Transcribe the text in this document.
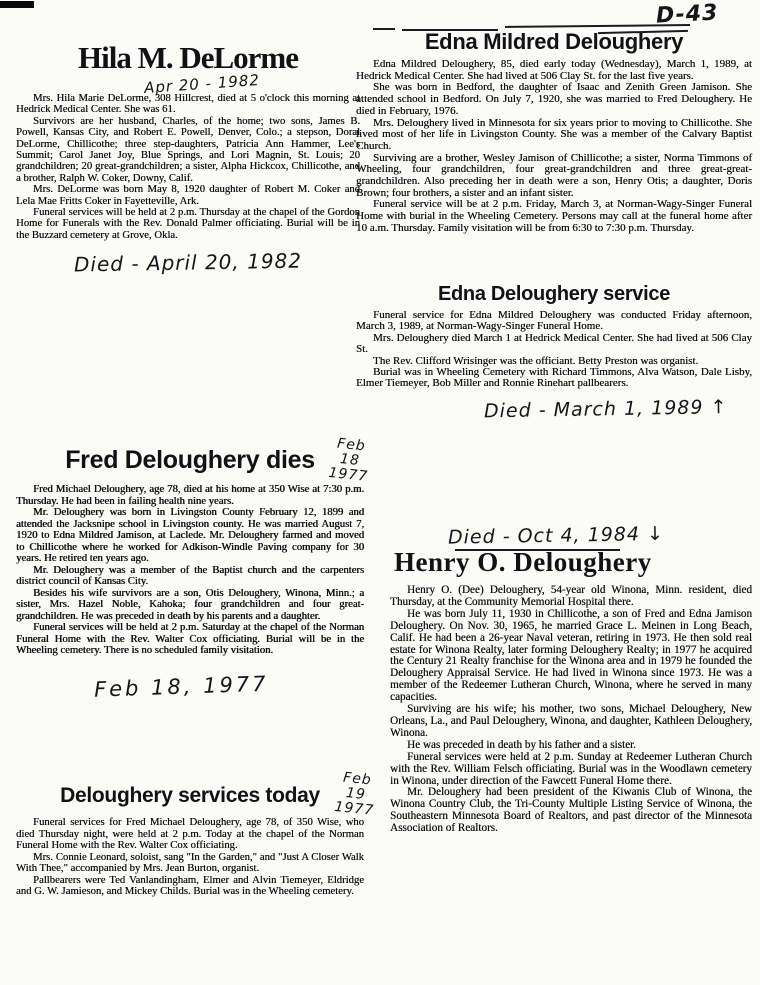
D-43
Hila M. DeLorme
Apr 20 - 1982

Mrs. Hila Marie DeLorme, 308 Hillcrest, died at 5 o'clock this morning at Hedrick Medical Center. She was 61.

Survivors are her husband, Charles, of the home; two sons, James B. Powell, Kansas City, and Robert E. Powell, Denver, Colo.; a stepson, Doral DeLorme, Chillicothe; three step-daughters, Patricia Ann Hammer, Lee's Summit; Carol Janet Joy, Blue Springs, and Lori Magnin, St. Louis; 20 grandchildren; 20 great-grandchildren; a sister, Alpha Hickcox, Chillicothe, and a brother, Ralph W. Coker, Downy, Calif.

Mrs. DeLorme was born May 8, 1920 daughter of Robert M. Coker and Lela Mae Fritts Coker in Fayetteville, Ark.

Funeral services will be held at 2 p.m. Thursday at the chapel of the Gordon Home for Funerals with the Rev. Donald Palmer officiating. Burial will be in the Buzzard cemetery at Grove, Okla.

Died - April 20, 1982
Edna Mildred Deloughery

Edna Mildred Deloughery, 85, died early today (Wednesday), March 1, 1989, at Hedrick Medical Center. She had lived at 506 Clay St. for the last five years.

She was born in Bedford, the daughter of Isaac and Zenith Green Jamison. She attended school in Bedford. On July 7, 1920, she was married to Fred Deloughery. He died in February, 1976.

Mrs. Deloughery lived in Minnesota for six years prior to moving to Chillicothe. She lived most of her life in Livingston County. She was a member of the Calvary Baptist Church.

Surviving are a brother, Wesley Jamison of Chillicothe; a sister, Norma Timmons of Wheeling, four grandchildren, four great-grandchildren and three great-great-grandchildren. Also preceding her in death were a son, Henry Otis; a daughter, Doris Brown; four brothers, a sister and an infant sister.

Funeral service will be at 2 p.m. Friday, March 3, at Norman-Wagy-Singer Funeral Home with burial in the Wheeling Cemetery. Persons may call at the funeral home after 10 a.m. Thursday. Family visitation will be from 6:30 to 7:30 p.m. Thursday.

Edna Deloughery service

Funeral service for Edna Mildred Deloughery was conducted Friday afternoon, March 3, 1989, at Norman-Wagy-Singer Funeral Home.

Mrs. Deloughery died March 1 at Hedrick Medical Center. She had lived at 506 Clay St.

The Rev. Clifford Wrisinger was the officiant. Betty Preston was organist.

Burial was in Wheeling Cemetery with Richard Timmons, Alva Watson, Dale Lisby, Elmer Tiemeyer, Bob Miller and Ronnie Rinehart pallbearers.

Died - March 1, 1989 ↑
Fred Deloughery dies
Feb
18
1977

Fred Michael Deloughery, age 78, died at his home at 350 Wise at 7:30 p.m. Thursday. He had been in failing health nine years.

Mr. Deloughery was born in Livingston County February 12, 1899 and attended the Jacksnipe school in Livingston county. He was married August 7, 1920 to Edna Mildred Jamison, at Laclede. Mr. Deloughery farmed and moved to Chillicothe where he worked for Adkison-Windle Paving company for 30 years. He retired ten years ago.

Mr. Deloughery was a member of the Baptist church and the carpenters district council of Kansas City.

Besides his wife survivors are a son, Otis Deloughery, Winona, Minn.; a sister, Mrs. Hazel Noble, Kahoka; four grandchildren and four great-grandchildren. He was preceded in death by his parents and a daughter.

Funeral services will be held at 2 p.m. Saturday at the chapel of the Norman Funeral Home with the Rev. Walter Cox officiating. Burial will be in the Wheeling cemetery. There is no scheduled family visitation.

Feb 18, 1977
Deloughery services today
Feb
19
1977

Funeral services for Fred Michael Deloughery, age 78, of 350 Wise, who died Thursday night, were held at 2 p.m. Today at the chapel of the Norman Funeral Home with the Rev. Walter Cox officiating.

Mrs. Connie Leonard, soloist, sang "In the Garden," and "Just A Closer Walk With Thee," accompanied by Mrs. Jean Burton, organist.

Pallbearers were Ted Vanlandingham, Elmer and Alvin Tiemeyer, Eldridge and G. W. Jamieson, and Mickey Childs. Burial was in the Wheeling cemetery.

Died - Oct 4, 1984 ↓
Henry O. Deloughery

Henry O. (Dee) Deloughery, 54-year old Winona, Minn. resident, died Thursday, at the Community Memorial Hospital there.

He was born July 11, 1930 in Chillicothe, a son of Fred and Edna Jamison Deloughery. On Nov. 30, 1965, he married Grace L. Meinen in Long Beach, Calif. He had been a 26-year Naval veteran, retiring in 1973. He then sold real estate for Winona Realty, later forming Deloughery Realty; in 1977 he acquired the Century 21 Realty franchise for the Winona area and in 1979 he founded the Deloughery Appraisal Service. He had lived in Winona since 1973. He was a member of the Redeemer Lutheran Church, Winona, where he served in many capacities.

Surviving are his wife; his mother, two sons, Michael Deloughery, New Orleans, La., and Paul Deloughery, Winona, and daughter, Kathleen Deloughery, Winona.

He was preceded in death by his father and a sister.

Funeral services were held at 2 p.m. Sunday at Redeemer Lutheran Church with the Rev. William Felsch officiating. Burial was in the Woodlawn cemetery in Winona, under direction of the Fawcett Funeral Home there.

Mr. Deloughery had been president of the Kiwanis Club of Winona, the Winona Country Club, the Tri-County Multiple Listing Service of Winona, the Southeastern Minnesota Board of Realtors, and past director of the Minnesota Association of Realtors.
